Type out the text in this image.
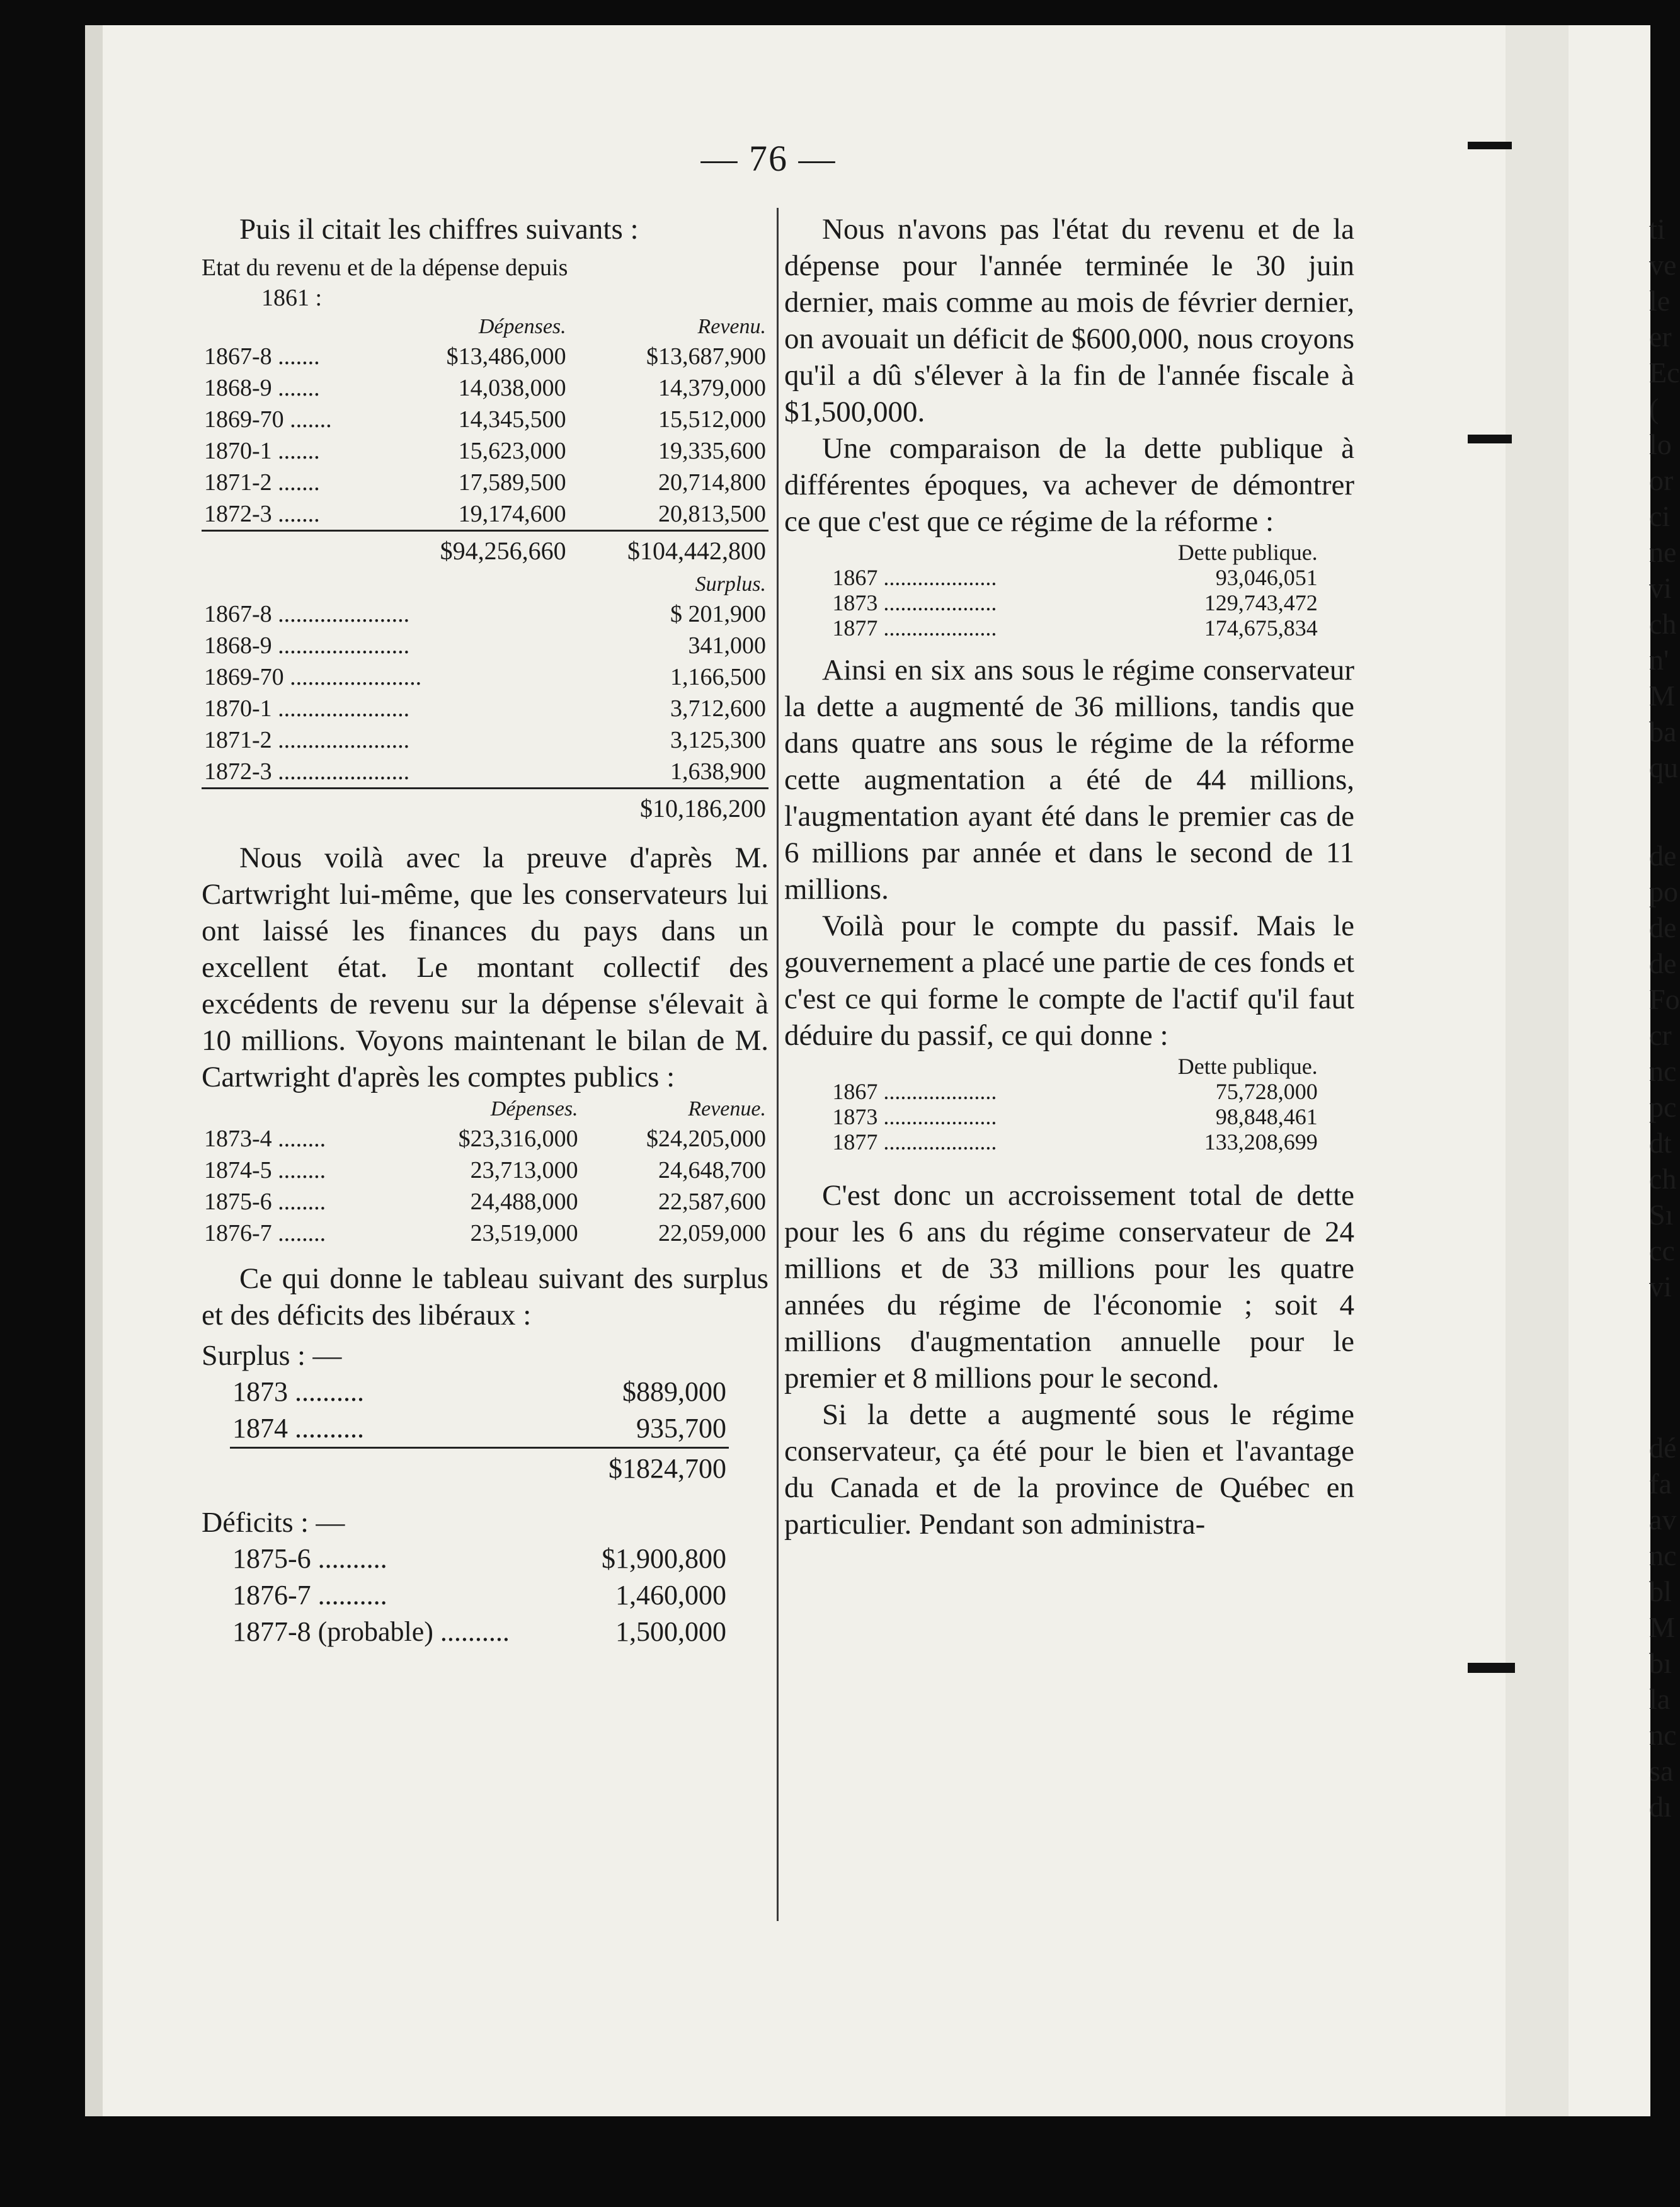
— 76 —

Puis il citait les chiffres suivants :

Etat du revenu et de la dépense depuis
1861 :
	Dépenses.	Revenu.
1867-8 .......	$13,486,000	$13,687,900
1868-9 .......	14,038,000	14,379,000
1869-70 .......	14,345,500	15,512,000
1870-1 .......	15,623,000	19,335,600
1871-2 .......	17,589,500	20,714,800
1872-3 .......	19,174,600	20,813,500
	$94,256,660	$104,442,800
	Surplus.
1867-8 ......................	$ 201,900
1868-9 ......................	341,000
1869-70 ......................	1,166,500
1870-1 ......................	3,712,600
1871-2 ......................	3,125,300
1872-3 ......................	1,638,900
	$10,186,200

Nous voilà avec la preuve d'après M. Cartwright lui-même, que les conservateurs lui ont laissé les finances du pays dans un excellent état. Le montant collectif des excédents de revenu sur la dépense s'élevait à 10 millions. Voyons maintenant le bilan de M. Cartwright d'après les comptes publics :

	Dépenses.	Revenue.
1873-4 ........	$23,316,000	$24,205,000
1874-5 ........	23,713,000	24,648,700
1875-6 ........	24,488,000	22,587,600
1876-7 ........	23,519,000	22,059,000

Ce qui donne le tableau suivant des surplus et des déficits des libéraux :

Surplus : —
1873 ..........	$889,000
1874 ..........	935,700
	$1824,700
Déficits : —
1875-6 ..........	$1,900,800
1876-7 ..........	1,460,000
1877-8 (probable) ..........	1,500,000

Nous n'avons pas l'état du revenu et de la dépense pour l'année terminée le 30 juin dernier, mais comme au mois de février dernier, on avouait un déficit de $600,000, nous croyons qu'il a dû s'élever à la fin de l'année fiscale à $1,500,000.

Une comparaison de la dette publique à différentes époques, va achever de démontrer ce que c'est que ce régime de la réforme :

	Dette publique.
1867 ....................	93,046,051
1873 ....................	129,743,472
1877 ....................	174,675,834

Ainsi en six ans sous le régime conservateur la dette a augmenté de 36 millions, tandis que dans quatre ans sous le régime de la réforme cette augmentation a été de 44 millions, l'augmentation ayant été dans le premier cas de 6 millions par année et dans le second de 11 millions.

Voilà pour le compte du passif. Mais le gouvernement a placé une partie de ces fonds et c'est ce qui forme le compte de l'actif qu'il faut déduire du passif, ce qui donne :

	Dette publique.
1867 ....................	75,728,000
1873 ....................	98,848,461
1877 ....................	133,208,699

C'est donc un accroissement total de dette pour les 6 ans du régime conservateur de 24 millions et de 33 millions pour les quatre années du régime de l'économie ; soit 4 millions d'augmentation annuelle pour le premier et 8 millions pour le second.

Si la dette a augmenté sous le régime conservateur, ça été pour le bien et l'avantage du Canada et de la province de Québec en particulier. Pendant son administra-

ti
ve
le
er
Ec
(
lo
or
ci
ne
vi
ch
n'
M
ba
qu
de
po
de
de
Fo
cr
nc
pc
dt
ch
Sı
cc
vi
dé
fa
av
nc
bl
M
bı
la
nc
sa
dı
